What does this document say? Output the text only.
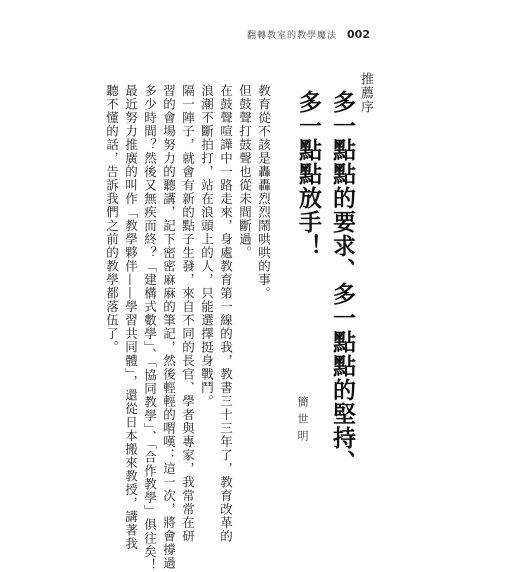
翻轉教室的教學魔法 002
推薦序
多一點點的要求、多一點點的堅持、
多一點點放手！
教育從不該是轟轟烈烈鬧哄哄的事。
但鼓聲打鼓聲也從未間斷過。
在鼓聲喧譁中一路走來，身處教育第一線的我，教書三十三年了，教育改革的
浪潮不斷拍打，站在浪頭上的人，只能選擇挺身戰鬥。
隔一陣子，就會有新的點子生發，來自不同的長官、學者與專家，我常常在研
習的會場努力的聽講，記下密密麻麻的筆記，然後輕輕的喟嘆：這一次，將會撐過
多少時間？然後又無疾而終？「建構式數學」、「協同教學」、「合作教學」俱往矣！
最近努力推廣的叫作「教學夥伴——學習共同體」，還從日本搬來教授，講著我
聽不懂的話，告訴我們之前的教學都落伍了。
簡世明
